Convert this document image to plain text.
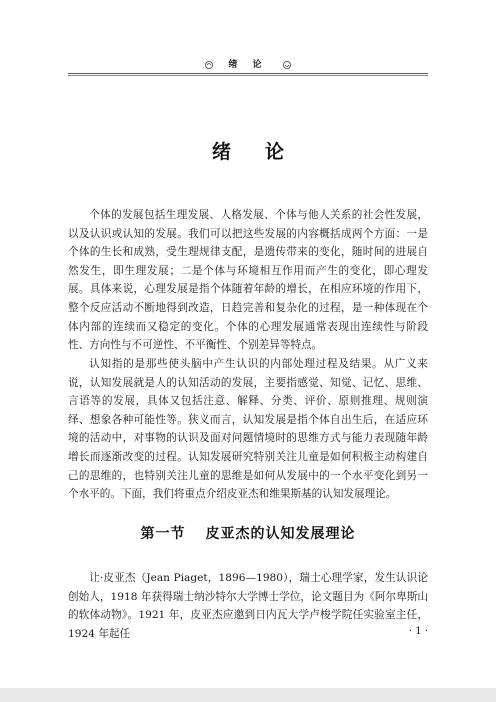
绪 论
绪论

个体的发展包括生理发展、人格发展、个体与他人关系的社会性发展，以及认识或认知的发展。我们可以把这些发展的内容概括成两个方面：一是个体的生长和成熟，受生理规律支配，是遗传带来的变化，随时间的进展自然发生，即生理发展；二是个体与环境相互作用而产生的变化，即心理发展。具体来说，心理发展是指个体随着年龄的增长，在相应环境的作用下，整个反应活动不断地得到改造，日趋完善和复杂化的过程，是一种体现在个体内部的连续而又稳定的变化。个体的心理发展通常表现出连续性与阶段性、方向性与不可逆性、不平衡性、个别差异等特点。

认知指的是那些使头脑中产生认识的内部处理过程及结果。从广义来说，认知发展就是人的认知活动的发展，主要指感觉、知觉、记忆、思维、言语等的发展，具体又包括注意、解释、分类、评价、原则推理、规则演绎、想象各种可能性等。狭义而言，认知发展是指个体自出生后，在适应环境的活动中，对事物的认识及面对问题情境时的思维方式与能力表现随年龄增长而逐渐改变的过程。认知发展研究特别关注儿童是如何积极主动构建自己的思维的，也特别关注儿童的思维是如何从发展中的一个水平变化到另一个水平的。下面，我们将重点介绍皮亚杰和维果斯基的认知发展理论。

第一节 皮亚杰的认知发展理论

让·皮亚杰（Jean Piaget，1896—1980），瑞士心理学家，发生认识论创始人，1918 年获得瑞士纳沙特尔大学博士学位，论文题目为《阿尔卑斯山的软体动物》。1921 年，皮亚杰应邀到日内瓦大学卢梭学院任实验室主任，1924 年起任	· 1 ·
